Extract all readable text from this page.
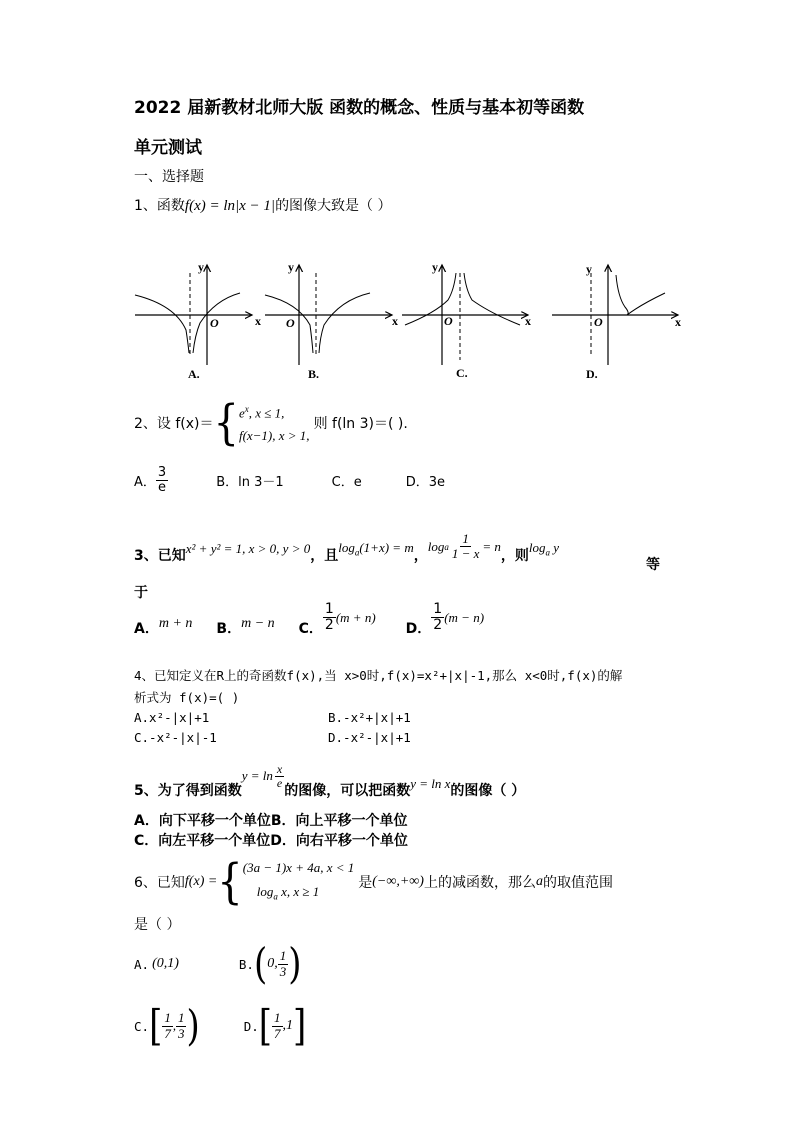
2022 届新教材北师大版 函数的概念、性质与基本初等函数
单元测试
一、选择题
1、函数f(x) = ln|x − 1|的图像大致是（ ）
O	x
y
A.
O	x
y
B.
O	x
y
C.
O	x
y
D.
2、设 f(x)＝ { $e^x$, x ≤ 1,
f(x−1), x > 1,
则 f(ln 3)＝( ).
A． $\frac{3}{e}$	B．ln 3－1	C．e	D．3e
3、已知 x² + y² = 1, x > 0, y > 0 ，且
$\log_a(1+x) = m$
，
log a $\frac{1}{1 - x} = n$
，则
$\log_a y$
等
于
A． m + n B． m − n C． $\frac{1}{2} (m + n)$
D． $\frac{1}{2} (m - n)$
4、已知定义在R上的奇函数f(x),当 x>0时,f(x)=x²+|x|-1,那么 x<0时,f(x)的解
析式为 f(x)=( )
A.x²-|x|+1	B.-x²+|x|+1
C.-x²-|x|-1	D.-x²-|x|+1
5、为了得到函数
$y = \ln \frac{x}{e}$
的图像，可以把函数 y = ln x 的图像（ ）
A．向下平移一个单位B．向上平移一个单位
C．向左平移一个单位D．向右平移一个单位
6、已知 f(x) = { (3a − 1)x + 4a, x < 1
$\log_a x$, x ≥ 1
是 (−∞,+∞) 上的减函数，那么 a 的取值范围
是（ ）
A. (0,1)	B. ( 0, $\frac{1}{3}$ )
C. [ $\frac{1}{7}$ , $\frac{1}{3}$ )	D. [ $\frac{1}{7} ,1$ ]
